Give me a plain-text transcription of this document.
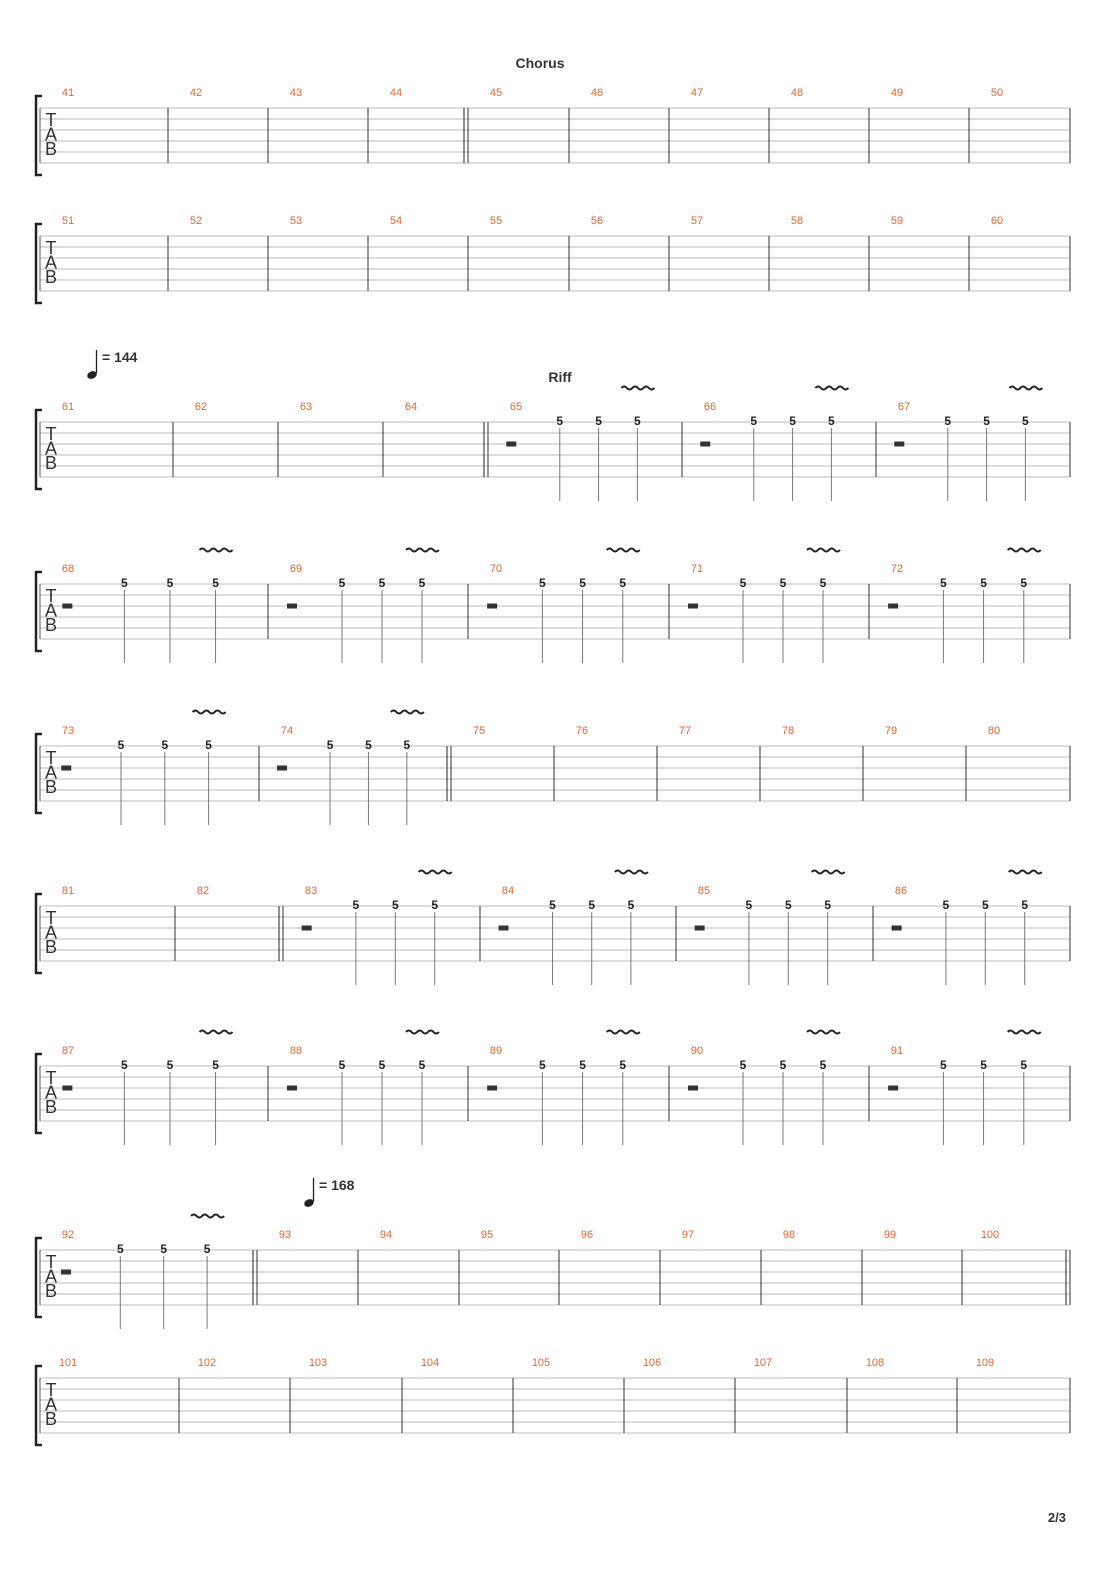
T
A
B
41	42	43	44	45
Chorus
46	47	48	49	50
T
A
B
51	52	53	54	55	56	57	58	59	60
T
A
B
61
= 144
62	63	64	65
Riff
5	5	5
66
5	5	5
67
5	5	5
T
A
B
68
5	5	5
69
5	5	5
70
5	5	5
71
5	5	5
72
5	5	5
T
A
B
73
5	5	5
74
5	5	5
75	76	77	78	79	80
T
A
B
81	82	83
5	5	5
84
5	5	5
85
5	5	5
86
5	5	5
T
A
B
87
5	5	5
88
5	5	5
89
5	5	5
90
5	5	5
91
5	5	5
T
A
B
92
5	5	5
93
= 168
94	95	96	97	98	99	100
T
A
B
101	102	103	104	105	106	107	108	109
2/3
